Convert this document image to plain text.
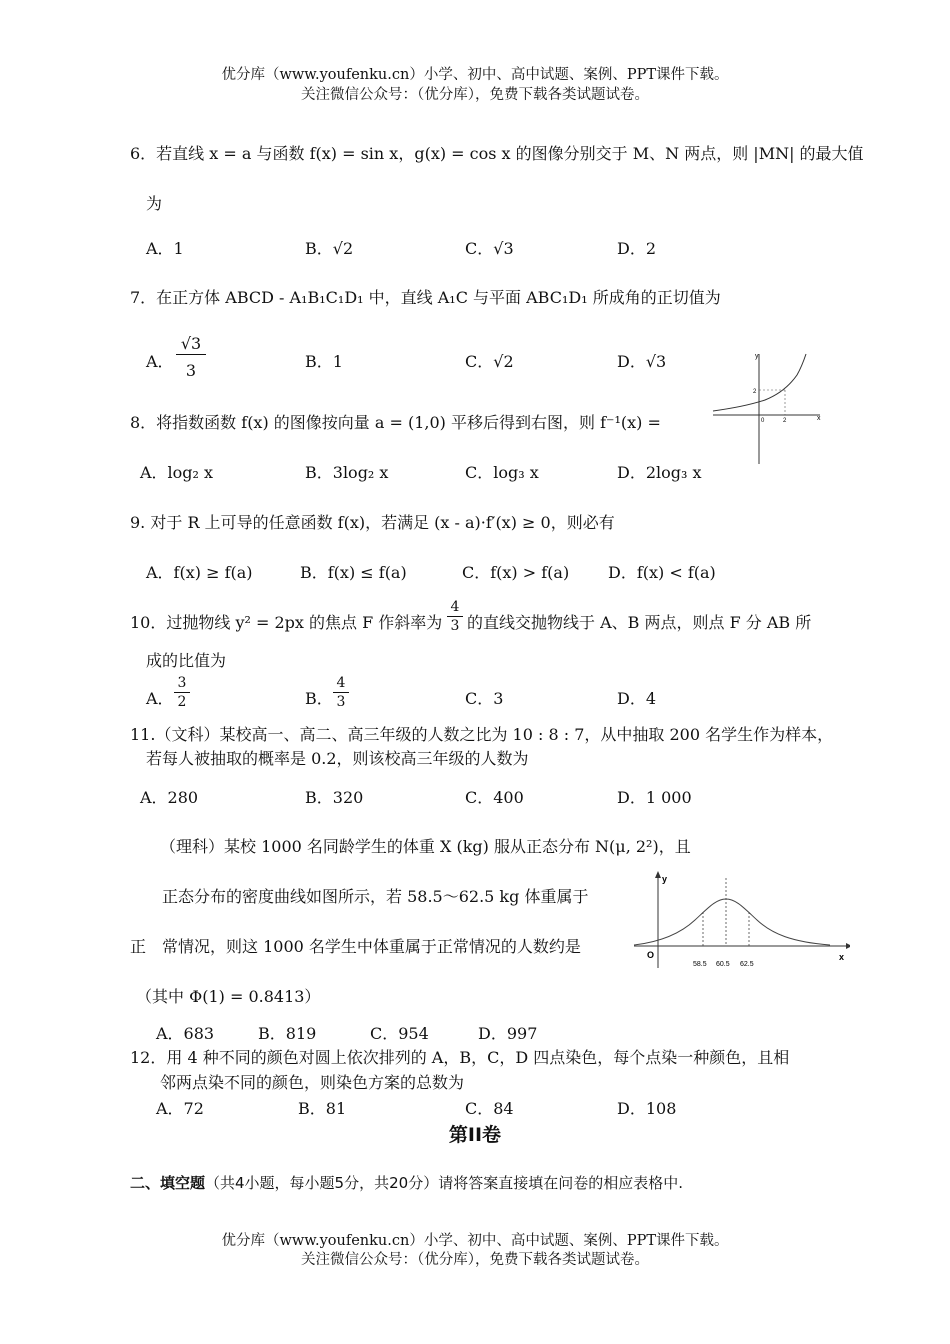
优分库（www.youfenku.cn）小学、初中、高中试题、案例、PPT课件下载。
关注微信公众号：（优分库），免费下载各类试题试卷。
6．若直线 x = a 与函数 f(x) = sin x，g(x) = cos x 的图像分别交于 M、N 两点，则 |MN| 的最大值
为
A．1	B．√2	C．√3	D．2
7．在正方体 ABCD - A₁B₁C₁D₁ 中，直线 A₁C 与平面 ABC₁D₁ 所成角的正切值为
A． $\frac{√3}{3}$	B．1	C．√2	D．√3	y
x
2
2
0
8．将指数函数 f(x) 的图像按向量 a = (1,0) 平移后得到右图，则 f⁻¹(x) =
A．log₂ x	B．3log₂ x	C．log₃ x	D．2log₃ x
9. 对于 R 上可导的任意函数 f(x)，若满足 (x - a)·f′(x) ≥ 0，则必有
A．f(x) ≥ f(a)	B．f(x) ≤ f(a)	C．f(x) > f(a) D．f(x) < f(a)
10．过抛物线 y² = 2px 的焦点 F 作斜率为 $\frac{4}{3}$ 的直线交抛物线于 A、B 两点，则点 F 分 AB 所
成的比值为
A． $\frac{3}{2}$	B． $\frac{4}{3}$	C．3	D．4
11.（文科）某校高一、高二、高三年级的人数之比为 10 : 8 : 7，从中抽取 200 名学生作为样本，
若每人被抽取的概率是 0.2，则该校高三年级的人数为
A．280	B．320	C．400	D．1 000
（理科）某校 1000 名同龄学生的体重 X (kg) 服从正态分布 N(μ, 2²)，且
正态分布的密度曲线如图所示，若 58.5～62.5 kg 体重属于
正　常情况，则这 1000 名学生中体重属于正常情况的人数约是
（其中 Φ(1) = 0.8413）
y
x
O
58.5 60.5 62.5
A．683	B．819	C．954	D．997
12．用 4 种不同的颜色对圆上依次排列的 A，B，C，D 四点染色，每个点染一种颜色，且相
邻两点染不同的颜色，则染色方案的总数为
A．72	B．81	C．84	D．108
第II卷
二、填空题（共4小题，每小题5分，共20分）请将答案直接填在问卷的相应表格中.
优分库（www.youfenku.cn）小学、初中、高中试题、案例、PPT课件下载。
关注微信公众号：（优分库），免费下载各类试题试卷。
